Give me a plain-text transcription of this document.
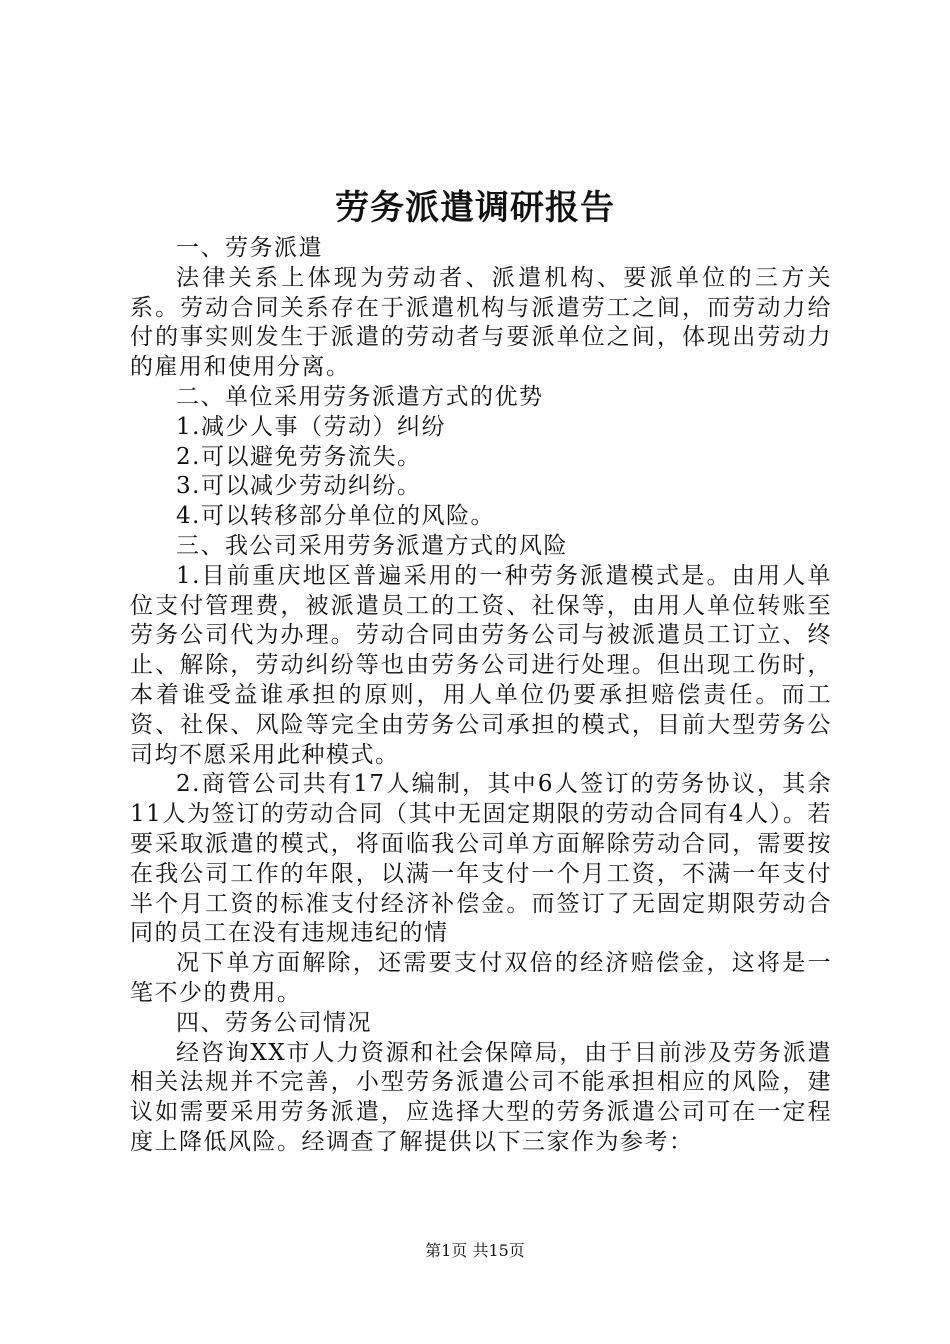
劳务派遣调研报告

一、劳务派遣

法律关系上体现为劳动者、派遣机构、要派单位的三方关系。劳动合同关系存在于派遣机构与派遣劳工之间，而劳动力给付的事实则发生于派遣的劳动者与要派单位之间，体现出劳动力的雇用和使用分离。

二、单位采用劳务派遣方式的优势

1.减少人事（劳动）纠纷

2.可以避免劳务流失。

3.可以减少劳动纠纷。

4.可以转移部分单位的风险。

三、我公司采用劳务派遣方式的风险

1.目前重庆地区普遍采用的一种劳务派遣模式是。由用人单位支付管理费，被派遣员工的工资、社保等，由用人单位转账至劳务公司代为办理。劳动合同由劳务公司与被派遣员工订立、终止、解除，劳动纠纷等也由劳务公司进行处理。但出现工伤时，本着谁受益谁承担的原则，用人单位仍要承担赔偿责任。而工资、社保、风险等完全由劳务公司承担的模式，目前大型劳务公司均不愿采用此种模式。

2.商管公司共有17人编制，其中6人签订的劳务协议，其余11人为签订的劳动合同（其中无固定期限的劳动合同有4人）。若要采取派遣的模式，将面临我公司单方面解除劳动合同，需要按在我公司工作的年限，以满一年支付一个月工资，不满一年支付半个月工资的标准支付经济补偿金。而签订了无固定期限劳动合同的员工在没有违规违纪的情

况下单方面解除，还需要支付双倍的经济赔偿金，这将是一笔不少的费用。

四、劳务公司情况

经咨询XX市人力资源和社会保障局，由于目前涉及劳务派遣相关法规并不完善，小型劳务派遣公司不能承担相应的风险，建议如需要采用劳务派遣，应选择大型的劳务派遣公司可在一定程度上降低风险。经调查了解提供以下三家作为参考：

第1页 共15页
